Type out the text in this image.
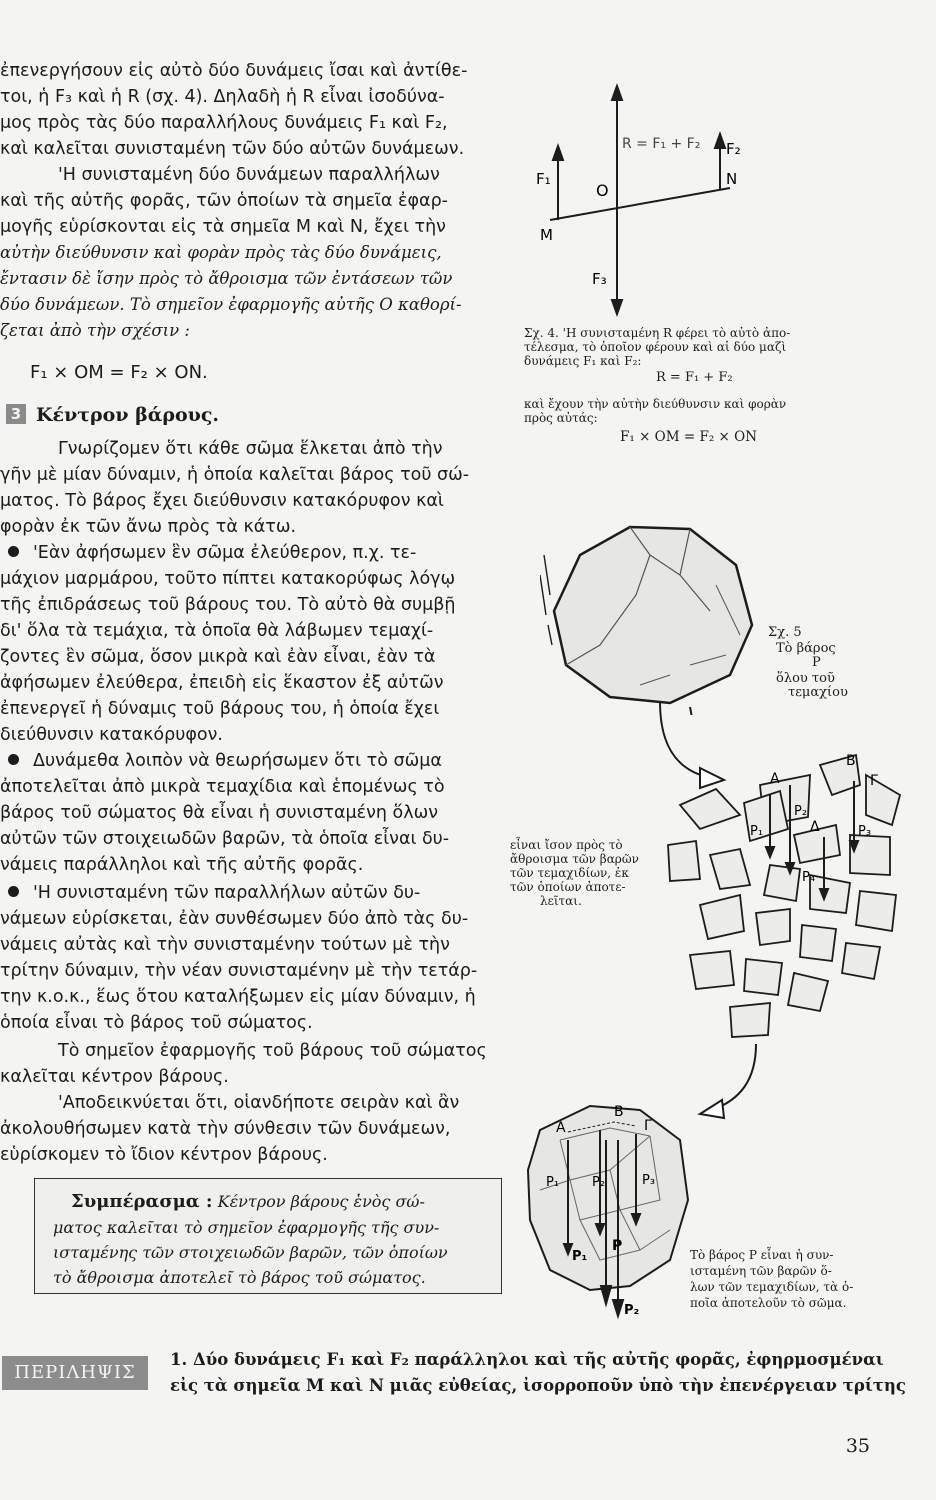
ἐπενεργήσουν εἰς αὐτὸ δύο δυνάμεις ἴσαι καὶ ἀντίθε-
τοι, ἡ F₃ καὶ ἡ R (σχ. 4). Δηλαδὴ ἡ R εἶναι ἰσοδύνα-
μος πρὸς τὰς δύο παραλλήλους δυνάμεις F₁ καὶ F₂,
καὶ καλεῖται συνισταμένη τῶν δύο αὐτῶν δυνάμεων.
'Η συνισταμένη δύο δυνάμεων παραλλήλων
καὶ τῆς αὐτῆς φορᾶς, τῶν ὁποίων τὰ σημεῖα ἐφαρ-
μογῆς εὑρίσκονται εἰς τὰ σημεῖα Μ καὶ Ν, ἔχει τὴν
αὐτὴν διεύθυνσιν καὶ φορὰν πρὸς τὰς δύο δυνάμεις,
ἔντασιν δὲ ἴσην πρὸς τὸ ἄθροισμα τῶν ἐντάσεων τῶν
δύο δυνάμεων. Τὸ σημεῖον ἐφαρμογῆς αὐτῆς Ο καθορί-
ζεται ἀπὸ τὴν σχέσιν :
F₁ × OM = F₂ × ON.
3 Κέντρον βάρους.
Γνωρίζομεν ὅτι κάθε σῶμα ἕλκεται ἀπὸ τὴν
γῆν μὲ μίαν δύναμιν, ἡ ὁποία καλεῖται βάρος τοῦ σώ-
ματος. Τὸ βάρος ἔχει διεύθυνσιν κατακόρυφον καὶ
φορὰν ἐκ τῶν ἄνω πρὸς τὰ κάτω.
'Εὰν ἀφήσωμεν ἓν σῶμα ἐλεύθερον, π.χ. τε-
μάχιον μαρμάρου, τοῦτο πίπτει κατακορύφως λόγῳ
τῆς ἐπιδράσεως τοῦ βάρους του. Τὸ αὐτὸ θὰ συμβῇ
δι' ὅλα τὰ τεμάχια, τὰ ὁποῖα θὰ λάβωμεν τεμαχί-
ζοντες ἓν σῶμα, ὅσον μικρὰ καὶ ἐὰν εἶναι, ἐὰν τὰ
ἀφήσωμεν ἐλεύθερα, ἐπειδὴ εἰς ἕκαστον ἐξ αὐτῶν
ἐπενεργεῖ ἡ δύναμις τοῦ βάρους του, ἡ ὁποία ἔχει
διεύθυνσιν κατακόρυφον.
Δυνάμεθα λοιπὸν νὰ θεωρήσωμεν ὅτι τὸ σῶμα
ἀποτελεῖται ἀπὸ μικρὰ τεμαχίδια καὶ ἑπομένως τὸ
βάρος τοῦ σώματος θὰ εἶναι ἡ συνισταμένη ὅλων
αὐτῶν τῶν στοιχειωδῶν βαρῶν, τὰ ὁποῖα εἶναι δυ-
νάμεις παράλληλοι καὶ τῆς αὐτῆς φορᾶς.
'Η συνισταμένη τῶν παραλλήλων αὐτῶν δυ-
νάμεων εὑρίσκεται, ἐὰν συνθέσωμεν δύο ἀπὸ τὰς δυ-
νάμεις αὐτὰς καὶ τὴν συνισταμένην τούτων μὲ τὴν
τρίτην δύναμιν, τὴν νέαν συνισταμένην μὲ τὴν τετάρ-
την κ.ο.κ., ἕως ὅτου καταλήξωμεν εἰς μίαν δύναμιν, ἡ
ὁποία εἶναι τὸ βάρος τοῦ σώματος.
Τὸ σημεῖον ἐφαρμογῆς τοῦ βάρους τοῦ σώματος
καλεῖται κέντρον βάρους.
'Αποδεικνύεται ὅτι, οἱανδήποτε σειρὰν καὶ ἂν
ἀκολουθήσωμεν κατὰ τὴν σύνθεσιν τῶν δυνάμεων,
εὑρίσκομεν τὸ ἴδιον κέντρον βάρους.
Συμπέρασμα : Κέντρον βάρους ἑνὸς σώ-
ματος καλεῖται τὸ σημεῖον ἐφαρμογῆς τῆς συν-
ισταμένης τῶν στοιχειωδῶν βαρῶν, τῶν ὁποίων
τὸ ἄθροισμα ἀποτελεῖ τὸ βάρος τοῦ σώματος.
R = F₁ + F₂
F₁
F₂
F₃
M
N
O
Σχ. 4. 'Η συνισταμένη R φέρει τὸ αὐτὸ ἀπο-
τέλεσμα, τὸ ὁποῖον φέρουν καὶ αἱ δύο μαζὶ
δυνάμεις F₁ καὶ F₂:
R = F₁ + F₂
καὶ ἔχουν τὴν αὐτὴν διεύθυνσιν καὶ φορὰν
πρὸς αὐτάς:
F₁ × OM = F₂ × ON
Σχ. 5
Τὸ βάρος
P
ὅλου τοῦ
τεμαχίου
A
B
Γ
Δ
P₁
P₂
P₃
P₄
εἶναι ἴσον πρὸς τὸ
ἄθροισμα τῶν βαρῶν
τῶν τεμαχιδίων, ἐκ
τῶν ὁποίων ἀποτε-
λεῖται.
A
B
Γ
P₁	P₂	P₃
P₁
P₂
P
Τὸ βάρος P εἶναι ἡ συν-
ισταμένη τῶν βαρῶν ὅ-
λων τῶν τεμαχιδίων, τὰ ὁ-
ποῖα ἀποτελοῦν τὸ σῶμα.
ΠΕΡΙΛΗΨΙΣ
1. Δύο δυνάμεις F₁ καὶ F₂ παράλληλοι καὶ τῆς αὐτῆς φορᾶς, ἐφηρμοσμέναι
εἰς τὰ σημεῖα Μ καὶ Ν μιᾶς εὐθείας, ἰσορροποῦν ὑπὸ τὴν ἐπενέργειαν τρίτης
35
